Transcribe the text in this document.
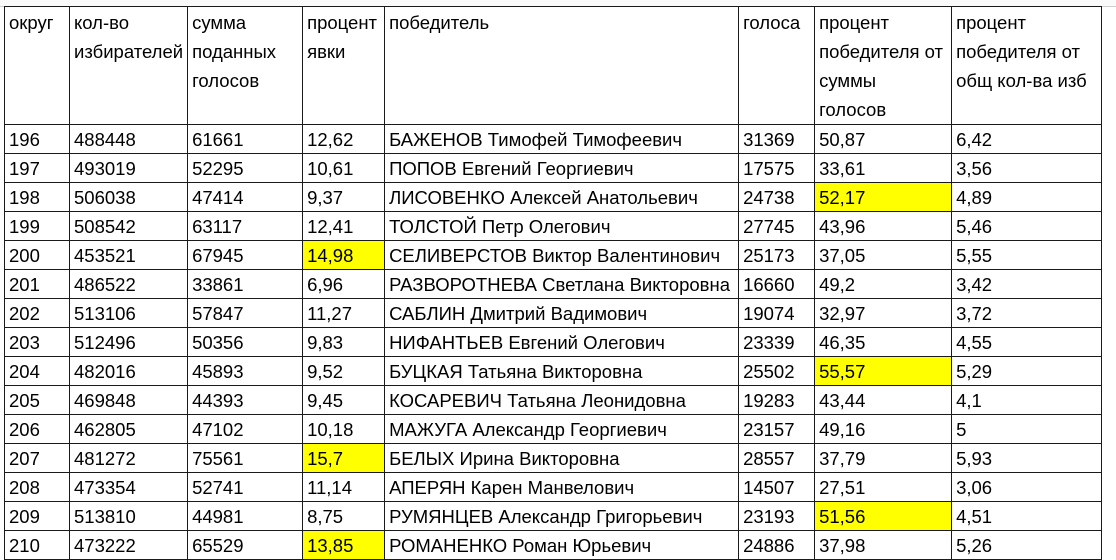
округ	кол-во избирателей	сумма поданных голосов	процент явки	победитель	голоса	процент победителя от суммы голосов	процент победителя от общ кол-ва изб
196	488448	61661	12,62	БАЖЕНОВ Тимофей Тимофеевич	31369	50,87	6,42
197	493019	52295	10,61	ПОПОВ Евгений Георгиевич	17575	33,61	3,56
198	506038	47414	9,37	ЛИСОВЕНКО Алексей Анатольевич	24738	52,17	4,89
199	508542	63117	12,41	ТОЛСТОЙ Петр Олегович	27745	43,96	5,46
200	453521	67945	14,98	СЕЛИВЕРСТОВ Виктор Валентинович	25173	37,05	5,55
201	486522	33861	6,96	РАЗВОРОТНЕВА Светлана Викторовна	16660	49,2	3,42
202	513106	57847	11,27	САБЛИН Дмитрий Вадимович	19074	32,97	3,72
203	512496	50356	9,83	НИФАНТЬЕВ Евгений Олегович	23339	46,35	4,55
204	482016	45893	9,52	БУЦКАЯ Татьяна Викторовна	25502	55,57	5,29
205	469848	44393	9,45	КОСАРЕВИЧ Татьяна Леонидовна	19283	43,44	4,1
206	462805	47102	10,18	МАЖУГА Александр Георгиевич	23157	49,16	5
207	481272	75561	15,7	БЕЛЫХ Ирина Викторовна	28557	37,79	5,93
208	473354	52741	11,14	АПЕРЯН Карен Манвелович	14507	27,51	3,06
209	513810	44981	8,75	РУМЯНЦЕВ Александр Григорьевич	23193	51,56	4,51
210	473222	65529	13,85	РОМАНЕНКО Роман Юрьевич	24886	37,98	5,26
